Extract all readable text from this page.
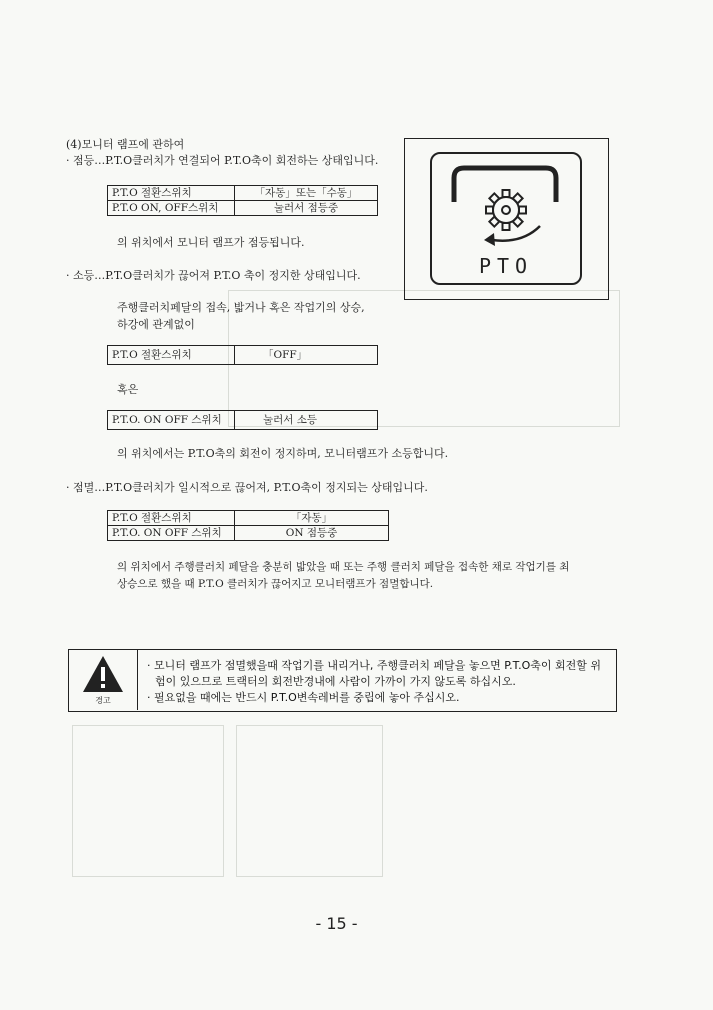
(4)모니터 램프에 관하여
· 점등…P.T.O클러치가 연결되어 P.T.O축이 회전하는 상태입니다.
P.T.O 절환스위치	「자동」또는「수동」
P.T.O ON, OFF스위치	눌러서 점등중
의 위치에서 모니터 램프가 점등됩니다.
· 소등…P.T.O클러치가 끊어져 P.T.O 축이 정지한 상태입니다.
주행클러치페달의 접속, 밟거나 혹은 작업기의 상승,
하강에 관계없이
P.T.O 절환스위치	「OFF」
혹은
P.T.O. ON OFF 스위치	눌러서 소등
의 위치에서는 P.T.O축의 회전이 정지하며, 모니터램프가 소등합니다.
· 점멸…P.T.O클러치가 일시적으로 끊어져, P.T.O축이 정지되는 상태입니다.
P.T.O 절환스위치	「자동」
P.T.O. ON OFF 스위치	ON 점등중
의 위치에서 주행클러치 페달을 충분히 밟았을 때 또는 주행 클러치 페달을 접속한 채로 작업기를 최
상승으로 했을 때 P.T.O 클러치가 끊어지고 모니터램프가 점멸합니다.
PTO
경고
· 모니터 램프가 점멸했을때 작업기를 내리거나, 주행클러치 페달을 놓으면 P.T.O축이 회전할 위
험이 있으므로 트랙터의 회전반경내에 사람이 가까이 가지 않도록 하십시오.
· 필요없을 때에는 반드시 P.T.O변속레버를 중립에 놓아 주십시오.
- 15 -
